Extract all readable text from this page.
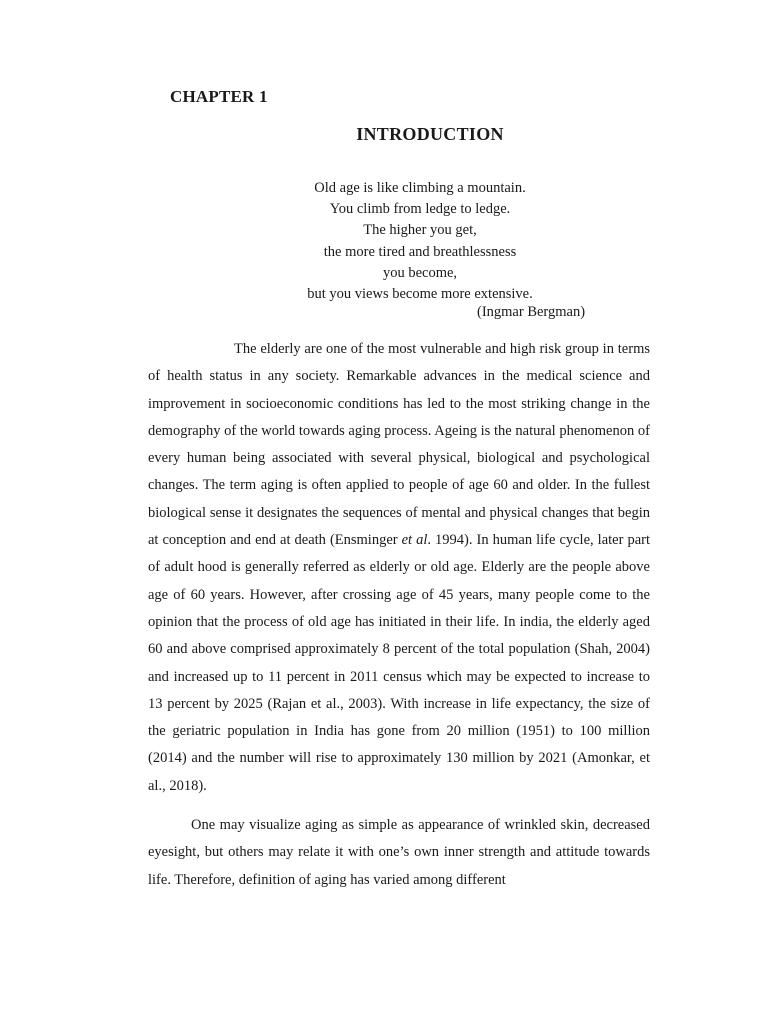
CHAPTER 1
INTRODUCTION
Old age is like climbing a mountain.
You climb from ledge to ledge.
The higher you get,
the more tired and breathlessness
you become,
but you views become more extensive.
(Ingmar Bergman)

The elderly are one of the most vulnerable and high risk group in terms of health status in any society. Remarkable advances in the medical science and improvement in socioeconomic conditions has led to the most striking change in the demography of the world towards aging process. Ageing is the natural phenomenon of every human being associated with several physical, biological and psychological changes. The term aging is often applied to people of age 60 and older. In the fullest biological sense it designates the sequences of mental and physical changes that begin at conception and end at death (Ensminger et al. 1994). In human life cycle, later part of adult hood is generally referred as elderly or old age. Elderly are the people above age of 60 years. However, after crossing age of 45 years, many people come to the opinion that the process of old age has initiated in their life. In india, the elderly aged 60 and above comprised approximately 8 percent of the total population (Shah, 2004) and increased up to 11 percent in 2011 census which may be expected to increase to 13 percent by 2025 (Rajan et al., 2003). With increase in life expectancy, the size of the geriatric population in India has gone from 20 million (1951) to 100 million (2014) and the number will rise to approximately 130 million by 2021 (Amonkar, et al., 2018).

One may visualize aging as simple as appearance of wrinkled skin, decreased eyesight, but others may relate it with one’s own inner strength and attitude towards life. Therefore, definition of aging has varied among different
